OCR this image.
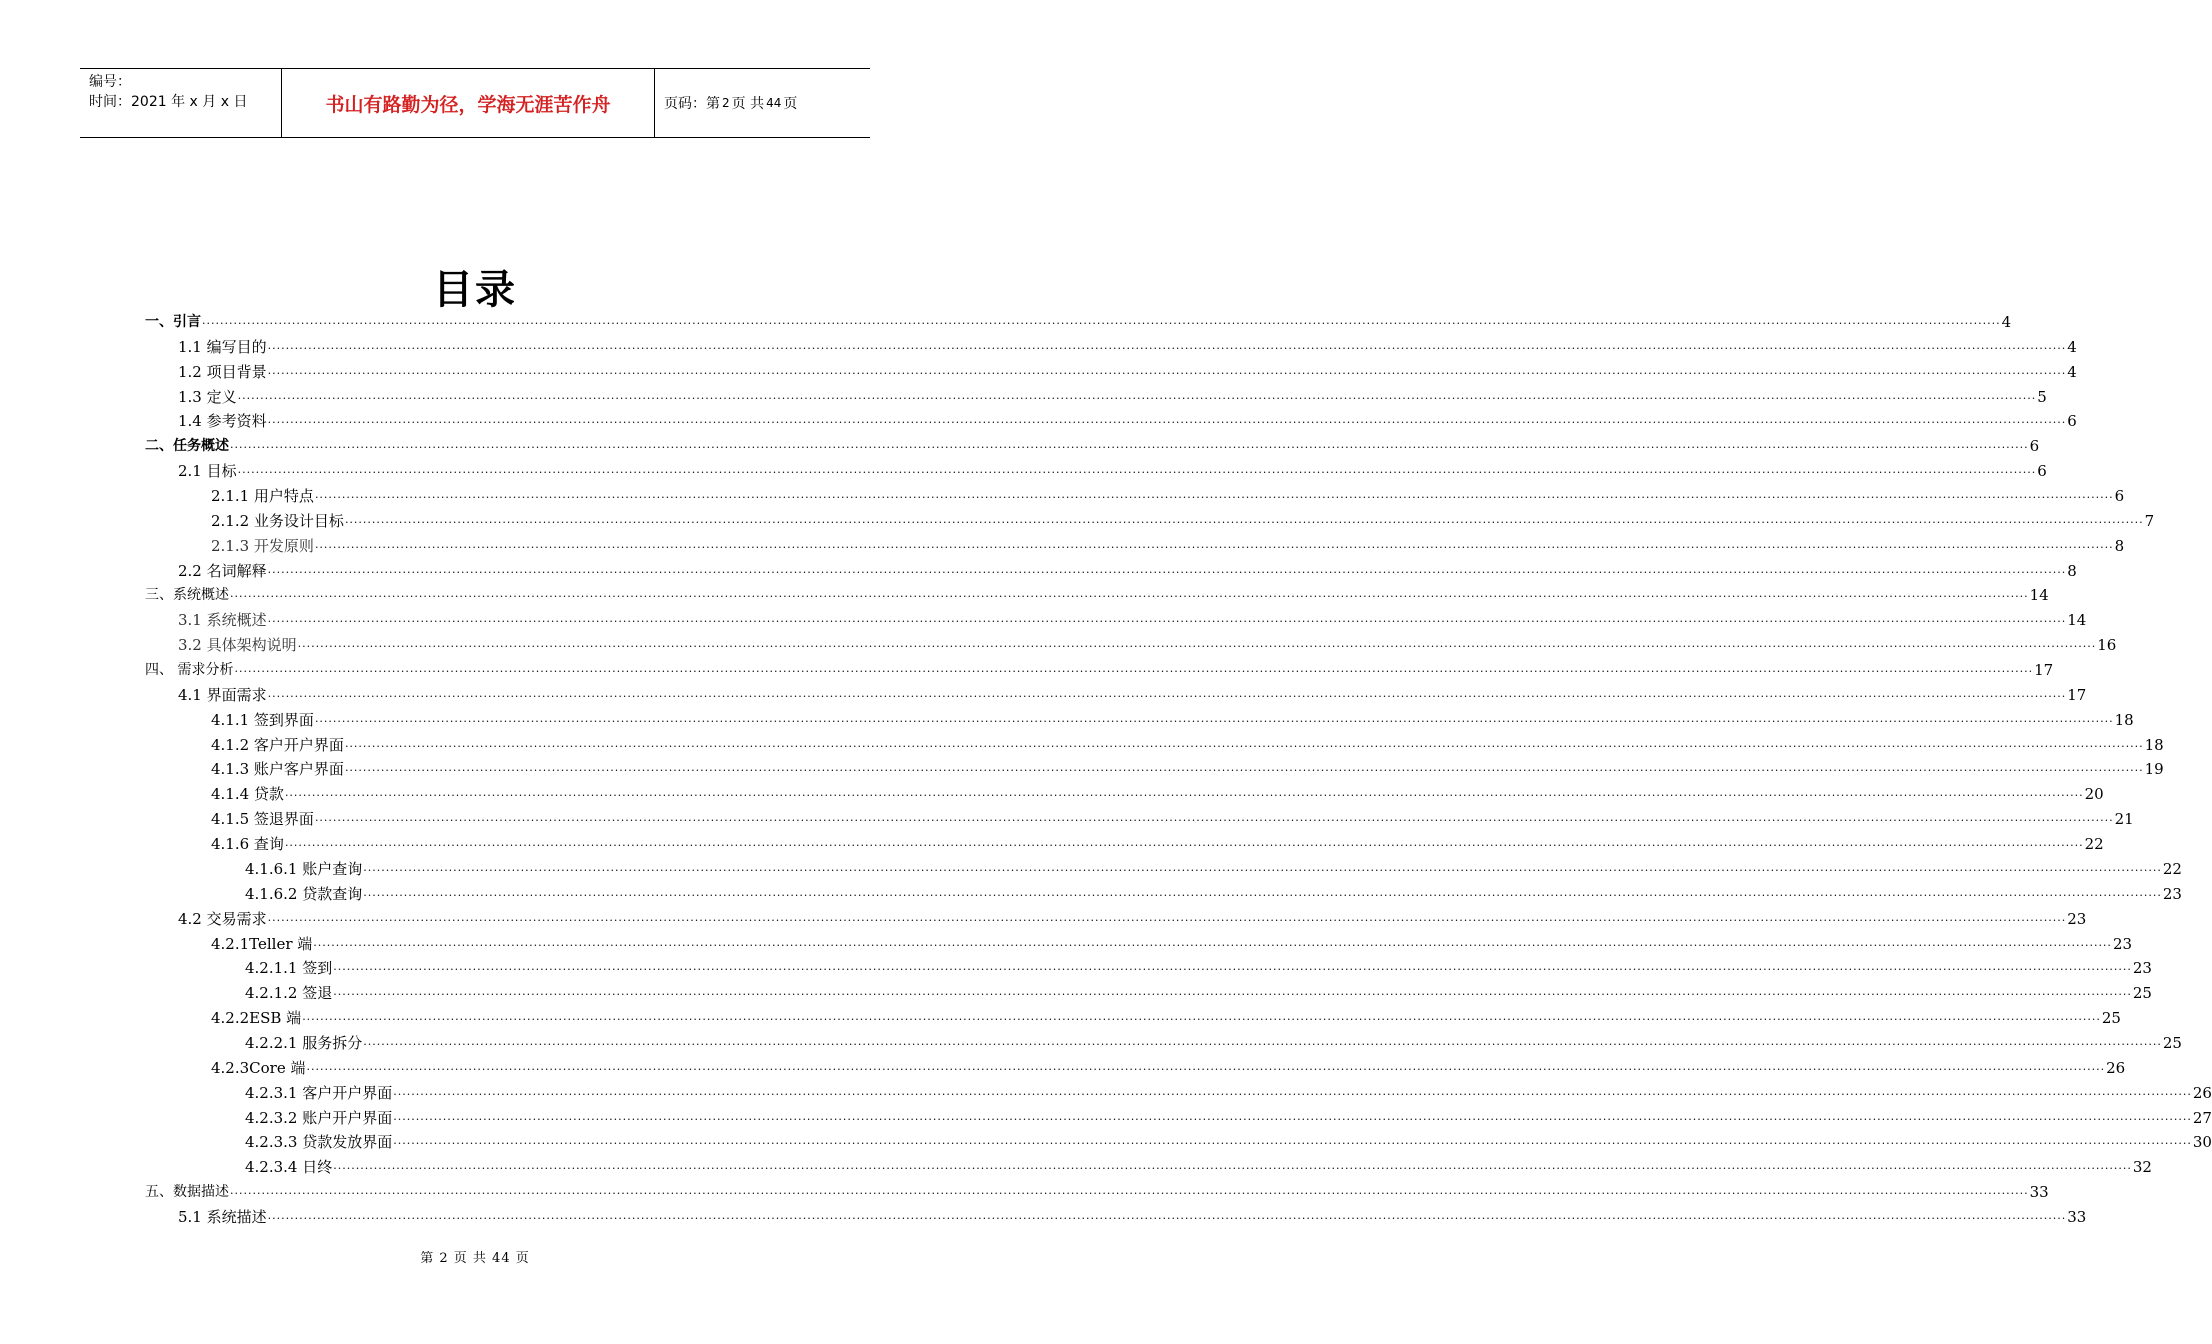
编号：
时间：2021 年 x 月 x 日	书山有路勤为径，学海无涯苦作舟	页码：第 2 页 共 44 页
目录
一、引言 ................................................................................................................................................................................................................................................................................................................................................................................................................ 4
1.1 编写目的 ................................................................................................................................................................................................................................................................................................................................................................................................................ 4
1.2 项目背景 ................................................................................................................................................................................................................................................................................................................................................................................................................ 4
1.3 定义 ................................................................................................................................................................................................................................................................................................................................................................................................................ 5
1.4 参考资料 ................................................................................................................................................................................................................................................................................................................................................................................................................ 6
二、任务概述 ................................................................................................................................................................................................................................................................................................................................................................................................................ 6
2.1 目标 ................................................................................................................................................................................................................................................................................................................................................................................................................ 6
2.1.1 用户特点 ................................................................................................................................................................................................................................................................................................................................................................................................................ 6
2.1.2 业务设计目标 ................................................................................................................................................................................................................................................................................................................................................................................................................ 7
2.1.3 开发原则 ................................................................................................................................................................................................................................................................................................................................................................................................................ 8
2.2 名词解释 ................................................................................................................................................................................................................................................................................................................................................................................................................ 8
三、系统概述 ................................................................................................................................................................................................................................................................................................................................................................................................................ 14
3.1 系统概述 ................................................................................................................................................................................................................................................................................................................................................................................................................ 14
3.2 具体架构说明 ................................................................................................................................................................................................................................................................................................................................................................................................................ 16
四、 需求分析 ................................................................................................................................................................................................................................................................................................................................................................................................................ 17
4.1 界面需求 ................................................................................................................................................................................................................................................................................................................................................................................................................ 17
4.1.1 签到界面 ................................................................................................................................................................................................................................................................................................................................................................................................................ 18
4.1.2 客户开户界面 ................................................................................................................................................................................................................................................................................................................................................................................................................ 18
4.1.3 账户客户界面 ................................................................................................................................................................................................................................................................................................................................................................................................................ 19
4.1.4 贷款 ................................................................................................................................................................................................................................................................................................................................................................................................................ 20
4.1.5 签退界面 ................................................................................................................................................................................................................................................................................................................................................................................................................ 21
4.1.6 查询 ................................................................................................................................................................................................................................................................................................................................................................................................................ 22
4.1.6.1 账户查询 ................................................................................................................................................................................................................................................................................................................................................................................................................ 22
4.1.6.2 贷款查询 ................................................................................................................................................................................................................................................................................................................................................................................................................ 23
4.2 交易需求 ................................................................................................................................................................................................................................................................................................................................................................................................................ 23
4.2.1Teller 端 ................................................................................................................................................................................................................................................................................................................................................................................................................ 23
4.2.1.1 签到 ................................................................................................................................................................................................................................................................................................................................................................................................................ 23
4.2.1.2 签退 ................................................................................................................................................................................................................................................................................................................................................................................................................ 25
4.2.2ESB 端 ................................................................................................................................................................................................................................................................................................................................................................................................................ 25
4.2.2.1 服务拆分 ................................................................................................................................................................................................................................................................................................................................................................................................................ 25
4.2.3Core 端 ................................................................................................................................................................................................................................................................................................................................................................................................................ 26
4.2.3.1 客户开户界面 ................................................................................................................................................................................................................................................................................................................................................................................................................ 26
4.2.3.2 账户开户界面 ................................................................................................................................................................................................................................................................................................................................................................................................................ 27
4.2.3.3 贷款发放界面 ................................................................................................................................................................................................................................................................................................................................................................................................................ 30
4.2.3.4 日终 ................................................................................................................................................................................................................................................................................................................................................................................................................ 32
五、数据描述 ................................................................................................................................................................................................................................................................................................................................................................................................................ 33
5.1 系统描述 ................................................................................................................................................................................................................................................................................................................................................................................................................ 33
第 2 页 共 44 页
